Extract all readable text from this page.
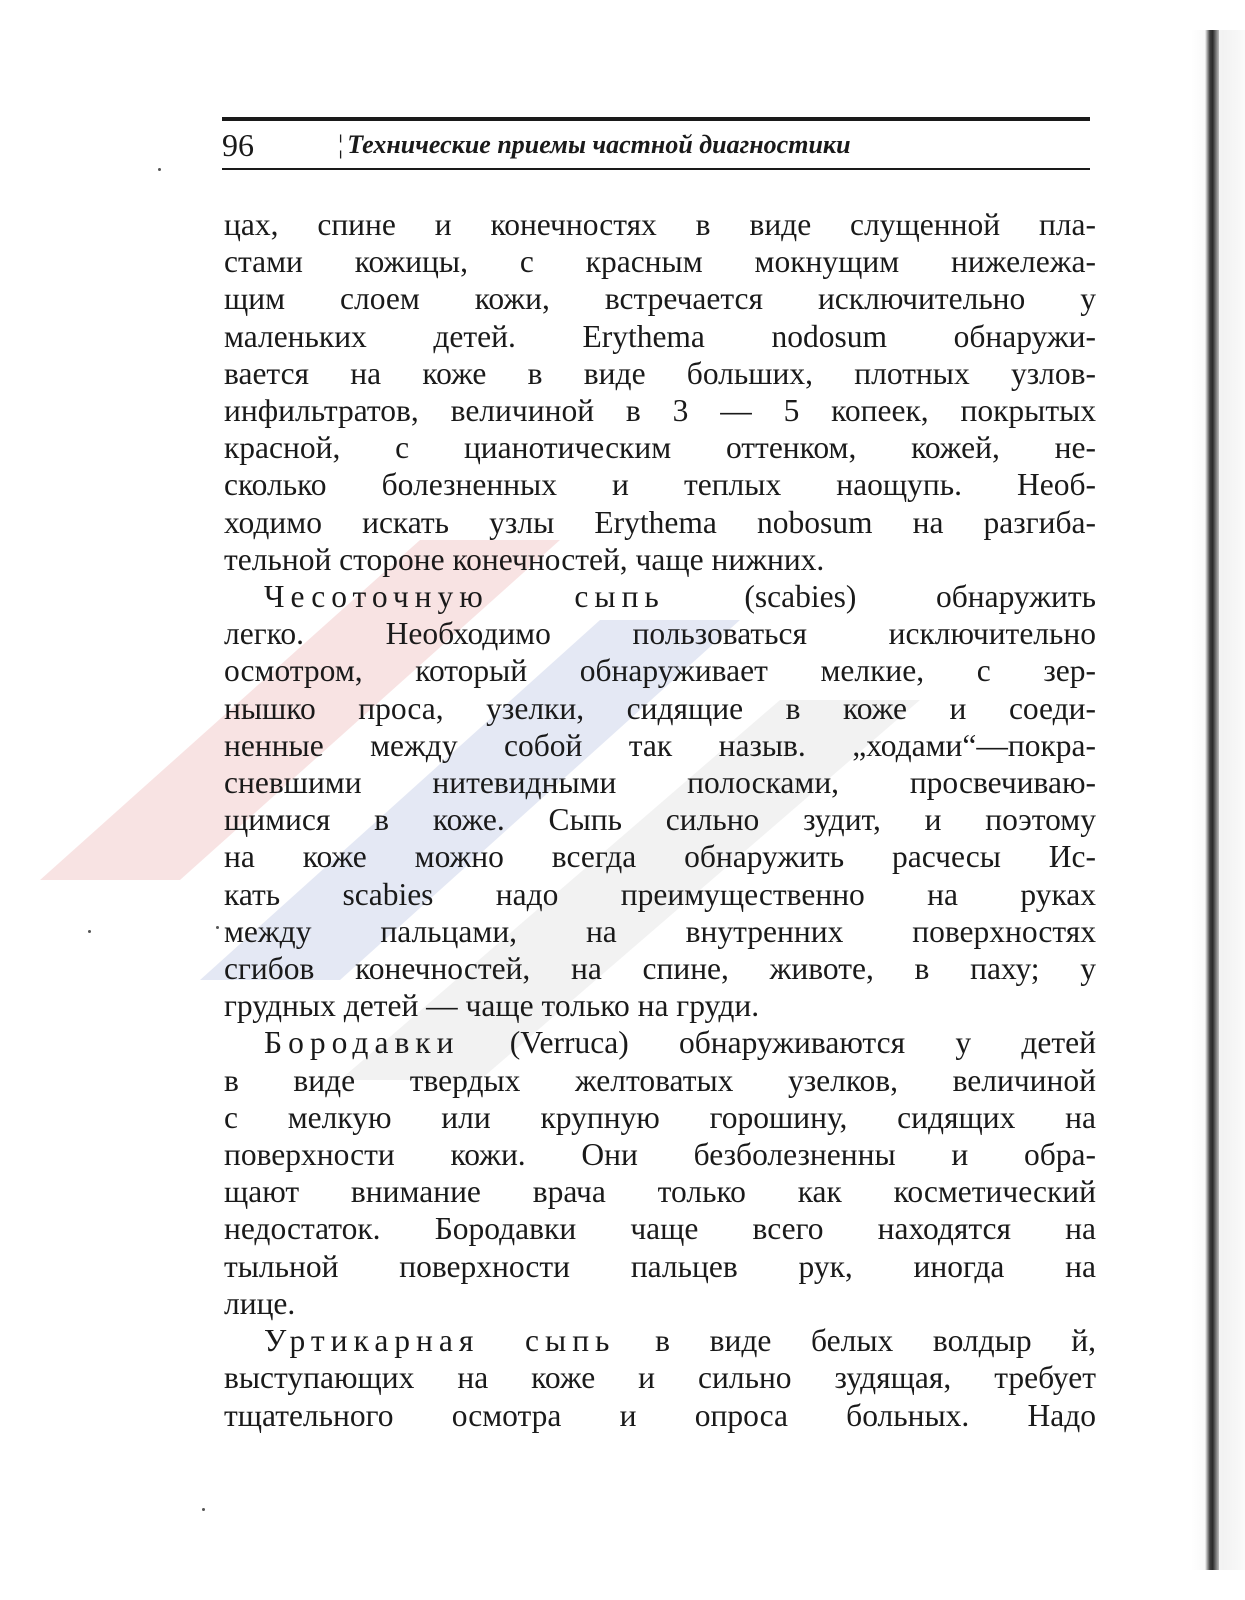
96	¦ Технические приемы частной диагностики
цах, спине и конечностях в виде слущенной пла-
стами кожицы, с красным мокнущим нижележа-
щим слоем кожи, встречается исключительно у
маленьких детей. Erythema nodosum обнаружи-
вается на коже в виде больших, плотных узлов-
инфильтратов, величиной в 3 — 5 копеек, покрытых
красной, с цианотическим оттенком, кожей, не-
сколько болезненных и теплых наощупь. Необ-
ходимо искать узлы Erythema nobosum на разгиба-
тельной стороне конечностей, чаще нижних.
Чесоточную сыпь (scabies) обнаружить
легко. Необходимо пользоваться исключительно
осмотром, который обнаруживает мелкие, с зер-
нышко проса, узелки, сидящие в коже и соеди-
ненные между собой так назыв. „ходами“—покра-
сневшими нитевидными полосками, просвечиваю-
щимися в коже. Сыпь сильно зудит, и поэтому
на коже можно всегда обнаружить расчесы Ис-
кать scabies надо преимущественно на руках
между пальцами, на внутренних поверхностях
сгибов конечностей, на спине, животе, в паху; у
грудных детей — чаще только на груди.
Бородавки (Verruca) обнаруживаются у детей
в виде твердых желтоватых узелков, величиной
с мелкую или крупную горошину, сидящих на
поверхности кожи. Они безболезненны и обра-
щают внимание врача только как косметический
недостаток. Бородавки чаще всего находятся на
тыльной поверхности пальцев рук, иногда на
лице.
Уртикарная сыпь в виде белых волдыр й,
выступающих на коже и сильно зудящая, требует
тщательного осмотра и опроса больных. Надо
